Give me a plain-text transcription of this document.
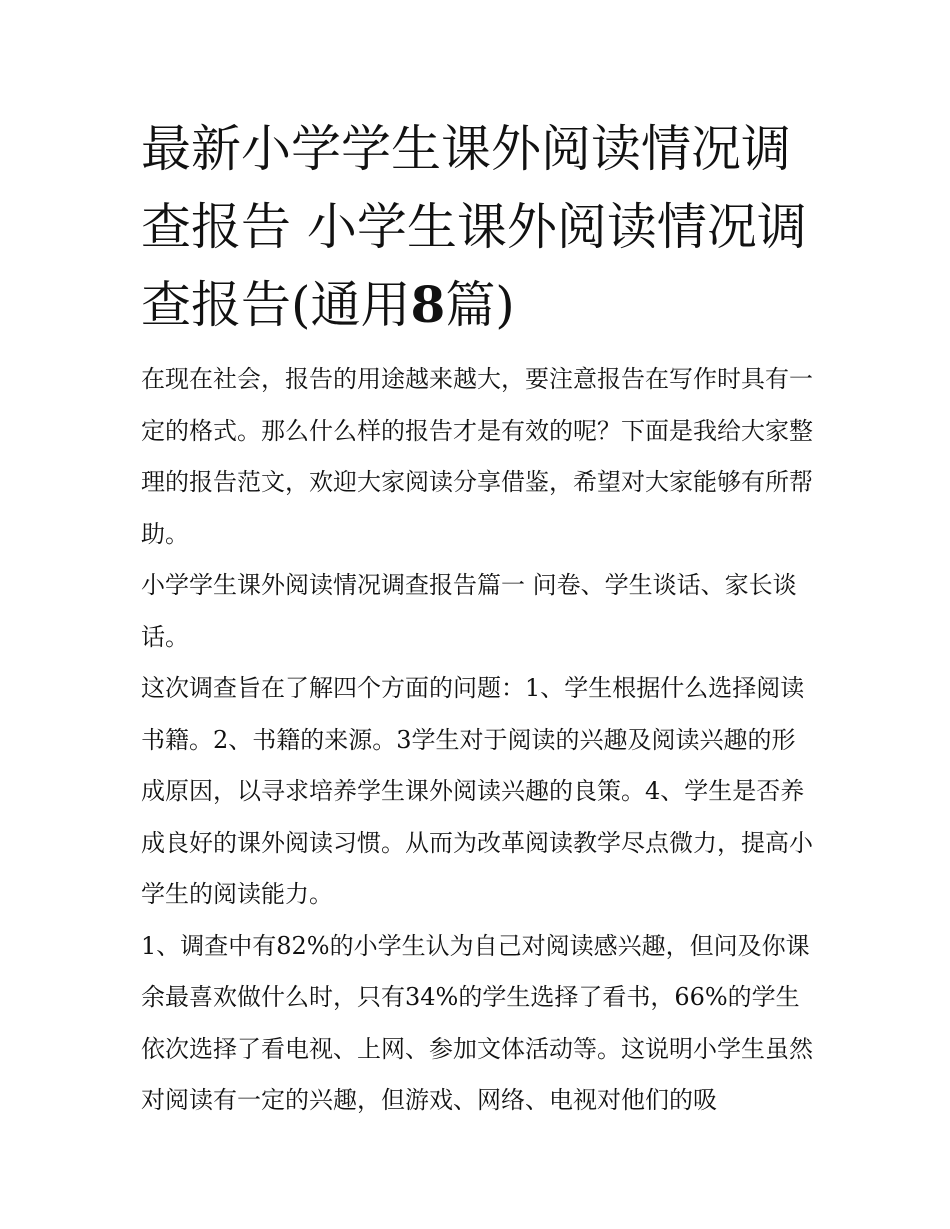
最新小学学生课外阅读情况调
查报告 小学生课外阅读情况调
查报告(通用8篇)

在现在社会，报告的用途越来越大，要注意报告在写作时具有一定的格式。那么什么样的报告才是有效的呢？下面是我给大家整理的报告范文，欢迎大家阅读分享借鉴，希望对大家能够有所帮助。

小学学生课外阅读情况调查报告篇一 问卷、学生谈话、家长谈话。

这次调查旨在了解四个方面的问题：1、学生根据什么选择阅读书籍。2、书籍的来源。3学生对于阅读的兴趣及阅读兴趣的形成原因，以寻求培养学生课外阅读兴趣的良策。4、学生是否养成良好的课外阅读习惯。从而为改革阅读教学尽点微力，提高小学生的阅读能力。

1、调查中有82%的小学生认为自己对阅读感兴趣，但问及你课余最喜欢做什么时，只有34%的学生选择了看书，66%的学生依次选择了看电视、上网、参加文体活动等。这说明小学生虽然对阅读有一定的兴趣，但游戏、网络、电视对他们的吸
